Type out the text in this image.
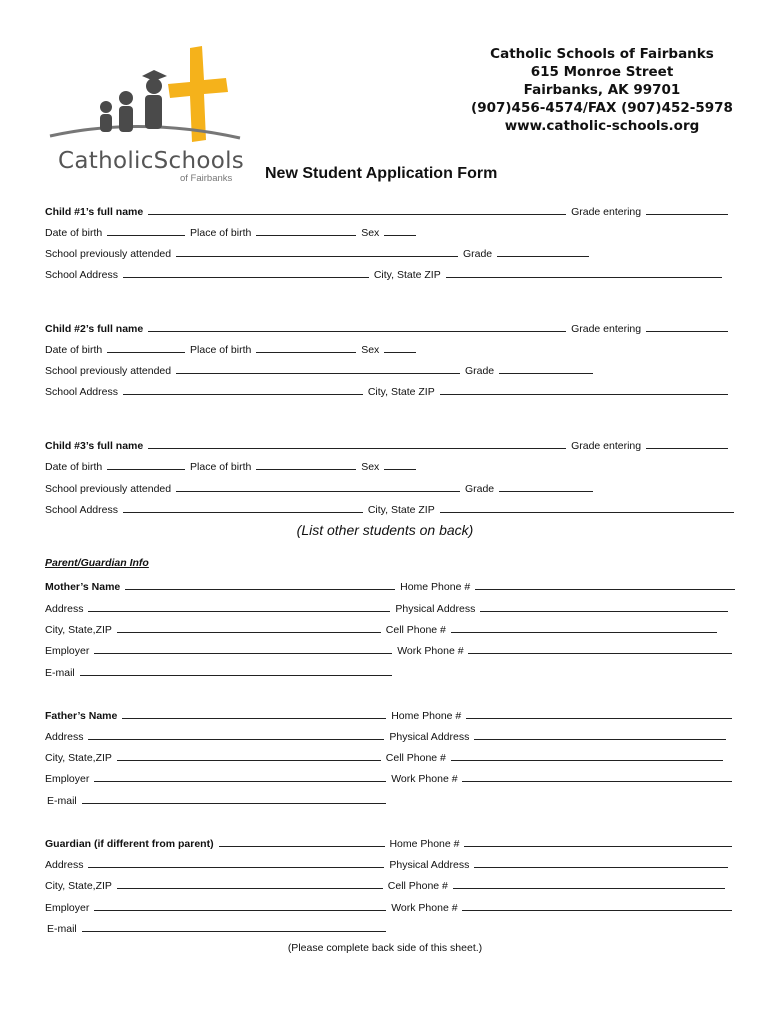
CatholicSchools
of Fairbanks
Catholic Schools of Fairbanks
615 Monroe Street
Fairbanks, AK 99701
(907)456-4574/FAX (907)452-5978
www.catholic-schools.org
New Student Application Form
Child #1’s full name	Grade entering
Date of birth	Place of birth	Sex
School previously attended	Grade
School Address	City, State ZIP
Child #2’s full name	Grade entering
Date of birth	Place of birth	Sex
School previously attended	Grade
School Address	City, State ZIP
Child #3’s full name	Grade entering
Date of birth	Place of birth	Sex
School previously attended	Grade
School Address	City, State ZIP
(List other students on back)
Parent/Guardian Info
Mother’s Name	Home Phone #
Address	Physical Address
City, State,ZIP	Cell Phone #
Employer	Work Phone #
E-mail
Father’s Name	Home Phone #
Address	Physical Address
City, State,ZIP	Cell Phone #
Employer	Work Phone #
E-mail
Guardian (if different from parent)	Home Phone #
Address	Physical Address
City, State,ZIP	Cell Phone #
Employer	Work Phone #
E-mail
(Please complete back side of this sheet.)
